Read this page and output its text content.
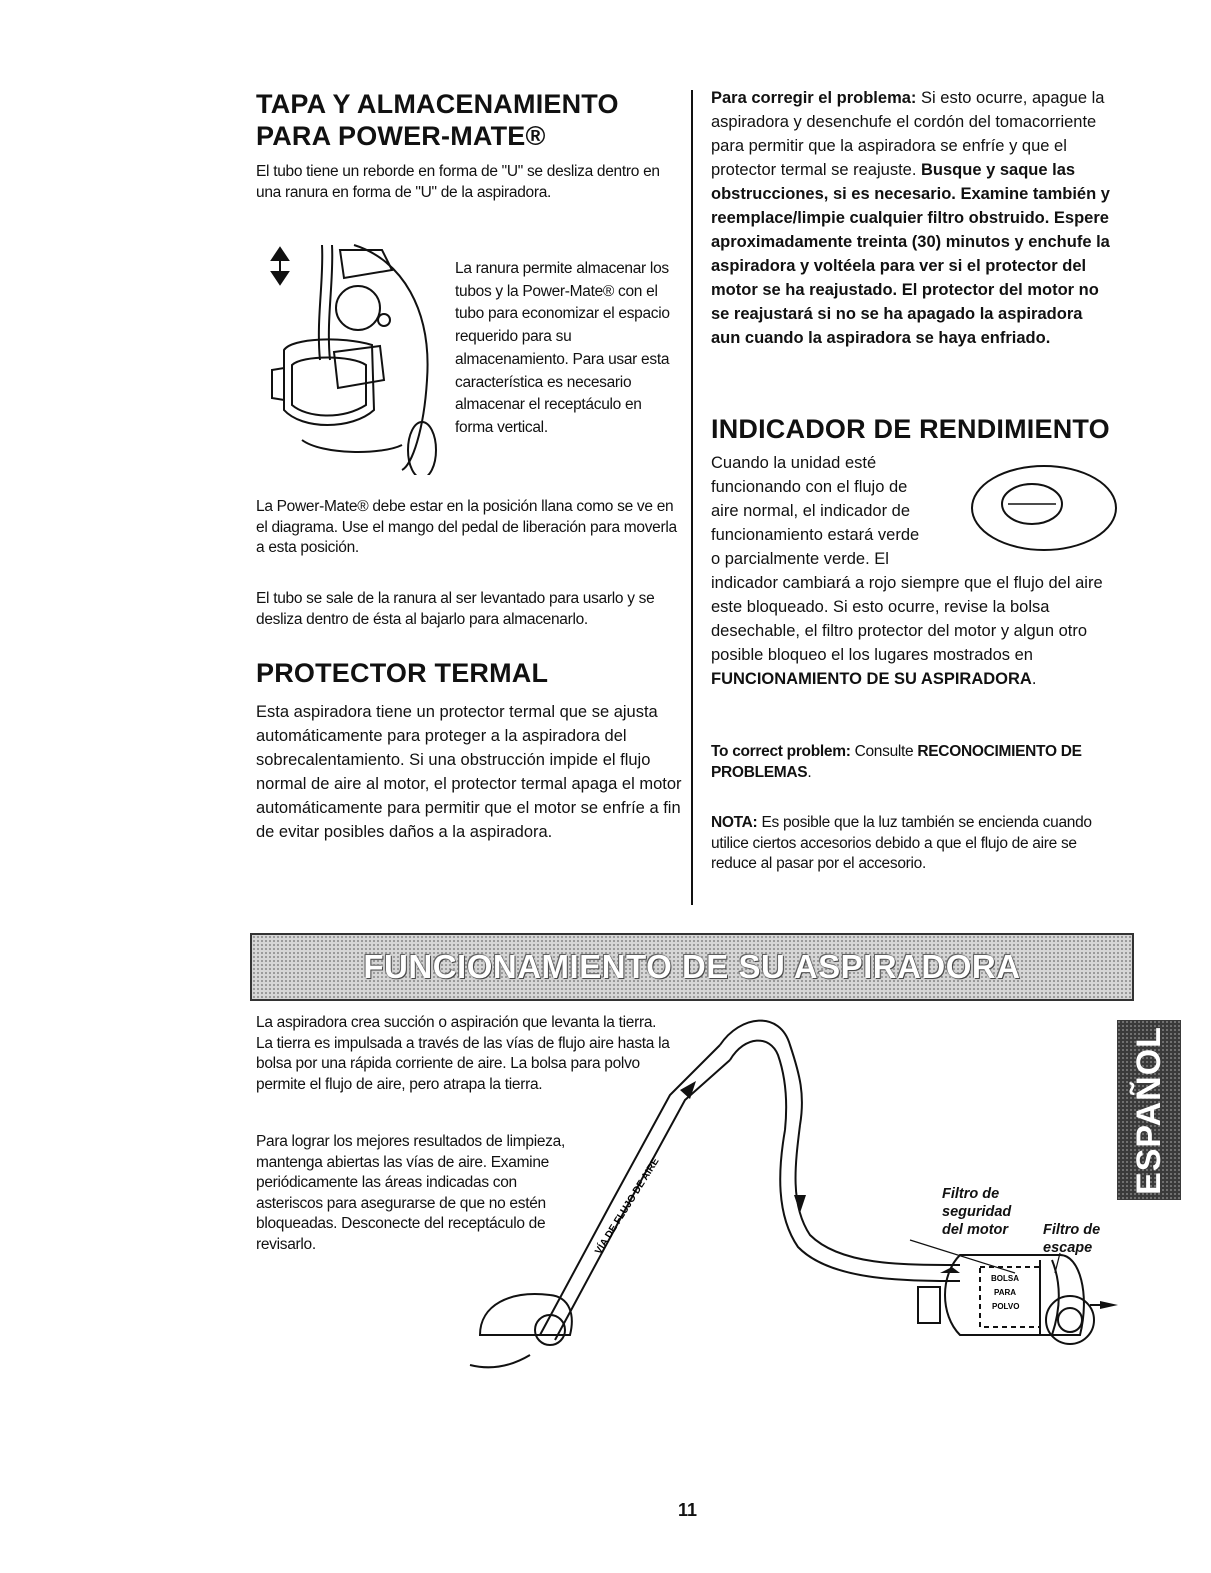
TAPA Y ALMACENAMIENTO
PARA POWER-MATE®

El tubo tiene un reborde en forma de "U" se desliza dentro en una ranura en forma de "U" de la aspiradora.

La ranura permite almacenar los tubos y la Power-Mate® con el tubo para economizar el espacio requerido para su almacenamiento. Para usar esta característica es necesario almacenar el receptáculo en forma vertical.

La Power-Mate® debe estar en la posición llana como se ve en el diagrama. Use el mango del pedal de liberación para moverla a esta posición.

El tubo se sale de la ranura al ser levantado para usarlo y se desliza dentro de ésta al bajarlo para almacenarlo.

PROTECTOR TERMAL

Esta aspiradora tiene un protector termal que se ajusta automáticamente para proteger a la aspiradora del sobrecalentamiento. Si una obstrucción impide el flujo normal de aire al motor, el protector termal apaga el motor automáticamente para permitir que el motor se enfríe a fin de evitar posibles daños a la aspiradora.

Para corregir el problema: Si esto ocurre, apague la aspiradora y desenchufe el cordón del tomacorriente para permitir que la aspiradora se enfríe y que el protector termal se reajuste. Busque y saque las obstrucciones, si es necesario. Examine también y reemplace/limpie cualquier filtro obstruido. Espere aproximadamente treinta (30) minutos y enchufe la aspiradora y voltéela para ver si el protector del motor se ha reajustado. El protector del motor no se reajustará si no se ha apagado la aspiradora aun cuando la aspiradora se haya enfriado.
INDICADOR DE RENDIMIENTO
Cuando la unidad esté
funcionando con el flujo de
aire normal, el indicador de
funcionamiento estará verde
o parcialmente verde. El

indicador cambiará a rojo siempre que el flujo del aire este bloqueado. Si esto ocurre, revise la bolsa desechable, el filtro protector del motor y algun otro posible bloqueo el los lugares mostrados en FUNCIONAMIENTO DE SU ASPIRADORA.

To correct problem: Consulte RECONOCIMIENTO DE PROBLEMAS.

NOTA: Es posible que la luz también se encienda cuando utilice ciertos accesorios debido a que el flujo de aire se reduce al pasar por el accesorio.

FUNCIONAMIENTO DE SU ASPIRADORA

La aspiradora crea succión o aspiración que levanta la tierra. La tierra es impulsada a través de las vías de flujo aire hasta la bolsa por una rápida corriente de aire. La bolsa para polvo permite el flujo de aire, pero atrapa la tierra.

Para lograr los mejores resultados de limpieza, mantenga abiertas las vías de aire. Examine periódicamente las áreas indicadas con asteriscos para asegurarse de que no estén bloqueadas. Desconecte del receptáculo de revisarlo.	VÍA DE FLUJO DE AIRE
BOLSA
PARA
POLVO
Filtro de
seguridad
del motor Filtro de
escape
ESPAÑOL
11
